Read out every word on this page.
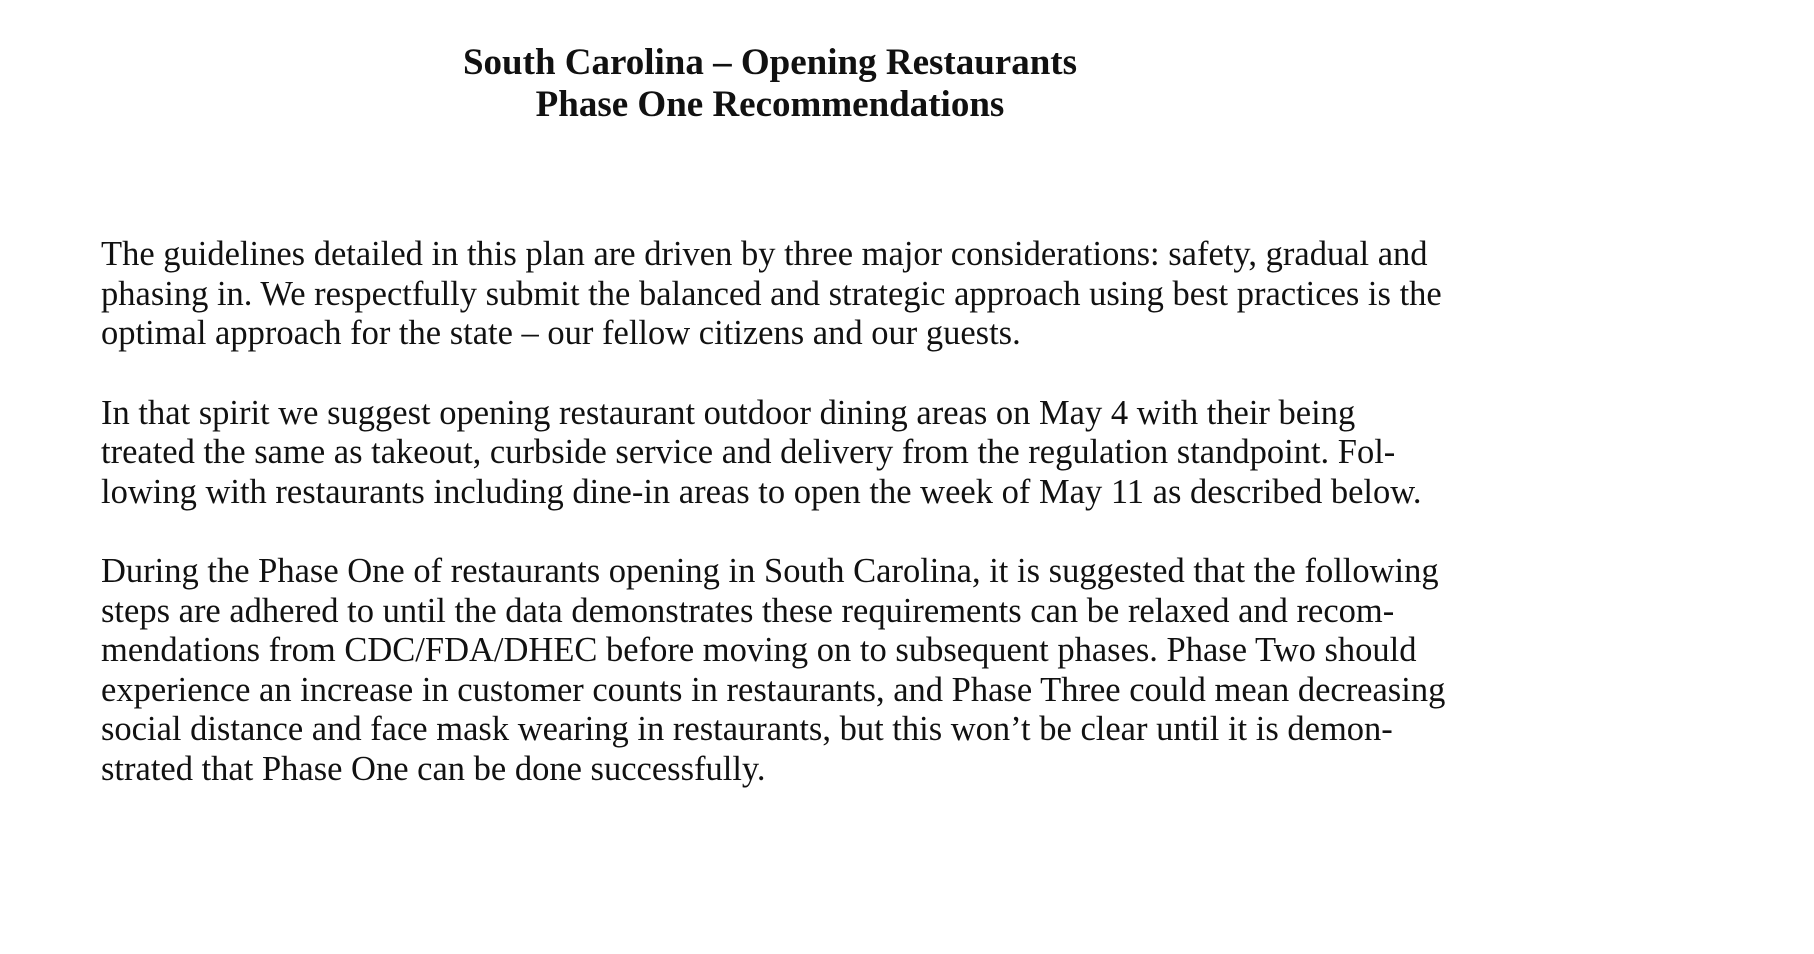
South Carolina – Opening Restaurants
Phase One Recommendations

The guidelines detailed in this plan are driven by three major considerations: safety, gradual and
phasing in. We respectfully submit the balanced and strategic approach using best practices is the
optimal approach for the state – our fellow citizens and our guests.

In that spirit we suggest opening restaurant outdoor dining areas on May 4 with their being
treated the same as takeout, curbside service and delivery from the regulation standpoint. Fol-
lowing with restaurants including dine-in areas to open the week of May 11 as described below.

During the Phase One of restaurants opening in South Carolina, it is suggested that the following
steps are adhered to until the data demonstrates these requirements can be relaxed and recom-
mendations from CDC/FDA/DHEC before moving on to subsequent phases. Phase Two should
experience an increase in customer counts in restaurants, and Phase Three could mean decreasing
social distance and face mask wearing in restaurants, but this won’t be clear until it is demon-
strated that Phase One can be done successfully.
